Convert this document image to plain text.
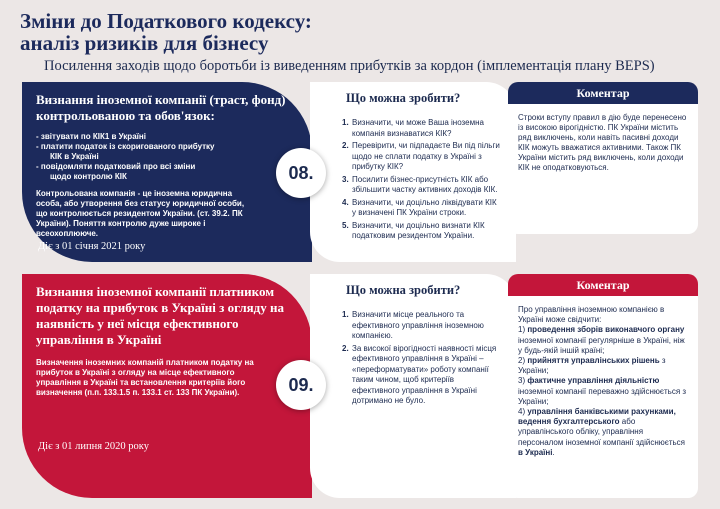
Зміни до Податкового кодексу:
аналіз ризиків для бізнесу
Посилення заходів щодо боротьби із виведенням прибутків за кордон (імплементація плану BEPS)
Визнання іноземної компанії (траст, фонд) контрольованою та обов'язок:
- звітувати по КІК1 в Україні
- платити податок із скоригованого прибутку
КІК в Україні
- повідомляти податковий про всі зміни
щодо контролю КІК
Контрольована компанія - це іноземна юридична особа, або утворення без статусу юридичної особи, що контролюється резидентом України. (ст. 39.2. ПК України). Поняття контролю дуже широке і всеохоплююче.
Діє з 01 січня 2021 року
Що можна зробити?
1. Визначити, чи може Ваша іноземна компанія визнаватися КІК?
2. Перевірити, чи підпадаєте Ви під пільги щодо не сплати податку в Україні з прибутку КІК?
3. Посилити бізнес-присутність КІК або збільшити частку активних доходів КІК.
4. Визначити, чи доцільно ліквідувати КІК у визначені ПК України строки.
5. Визначити, чи доцільно визнати КІК податковим резидентом України.
08.
Коментар
Строки вступу правил в дію буде перенесено із високою вірогідністю. ПК України містить ряд виключень, коли навіть пасивні доходи КІК можуть вважатися активними. Також ПК України містить ряд виключень, коли доходи КІК не оподатковуються.
Визнання іноземної компанії платником податку на прибуток в Україні з огляду на наявність у неї місця ефективного управління в Україні
Визначення іноземних компаній платником податку на прибуток в Україні з огляду на місце ефективного управління в Україні та встановлення критеріїв його визначення (п.п. 133.1.5 п. 133.1 ст. 133 ПК України).
Діє з 01 липня 2020 року
Що можна зробити?
1. Визначити місце реального та ефективного управління іноземною компанією.
2. За високої вірогідності наявності місця ефективного управління в Україні – «переформатувати» роботу компанії таким чином, щоб критеріїв ефективного управління в Україні дотримано не було.
09.
Коментар
Про управління іноземною компанією в Україні може свідчити:
1) проведення зборів виконавчого органу іноземної компанії регулярніше в Україні, ніж у будь-якій іншій країні;
2) прийняття управлінських рішень з України;
3) фактичне управління діяльністю іноземної компанії переважно здійснюється з України;
4) управління банківськими рахунками, ведення бухгалтерського або управлінського обліку, управління персоналом іноземної компанії здійснюється в Україні.
